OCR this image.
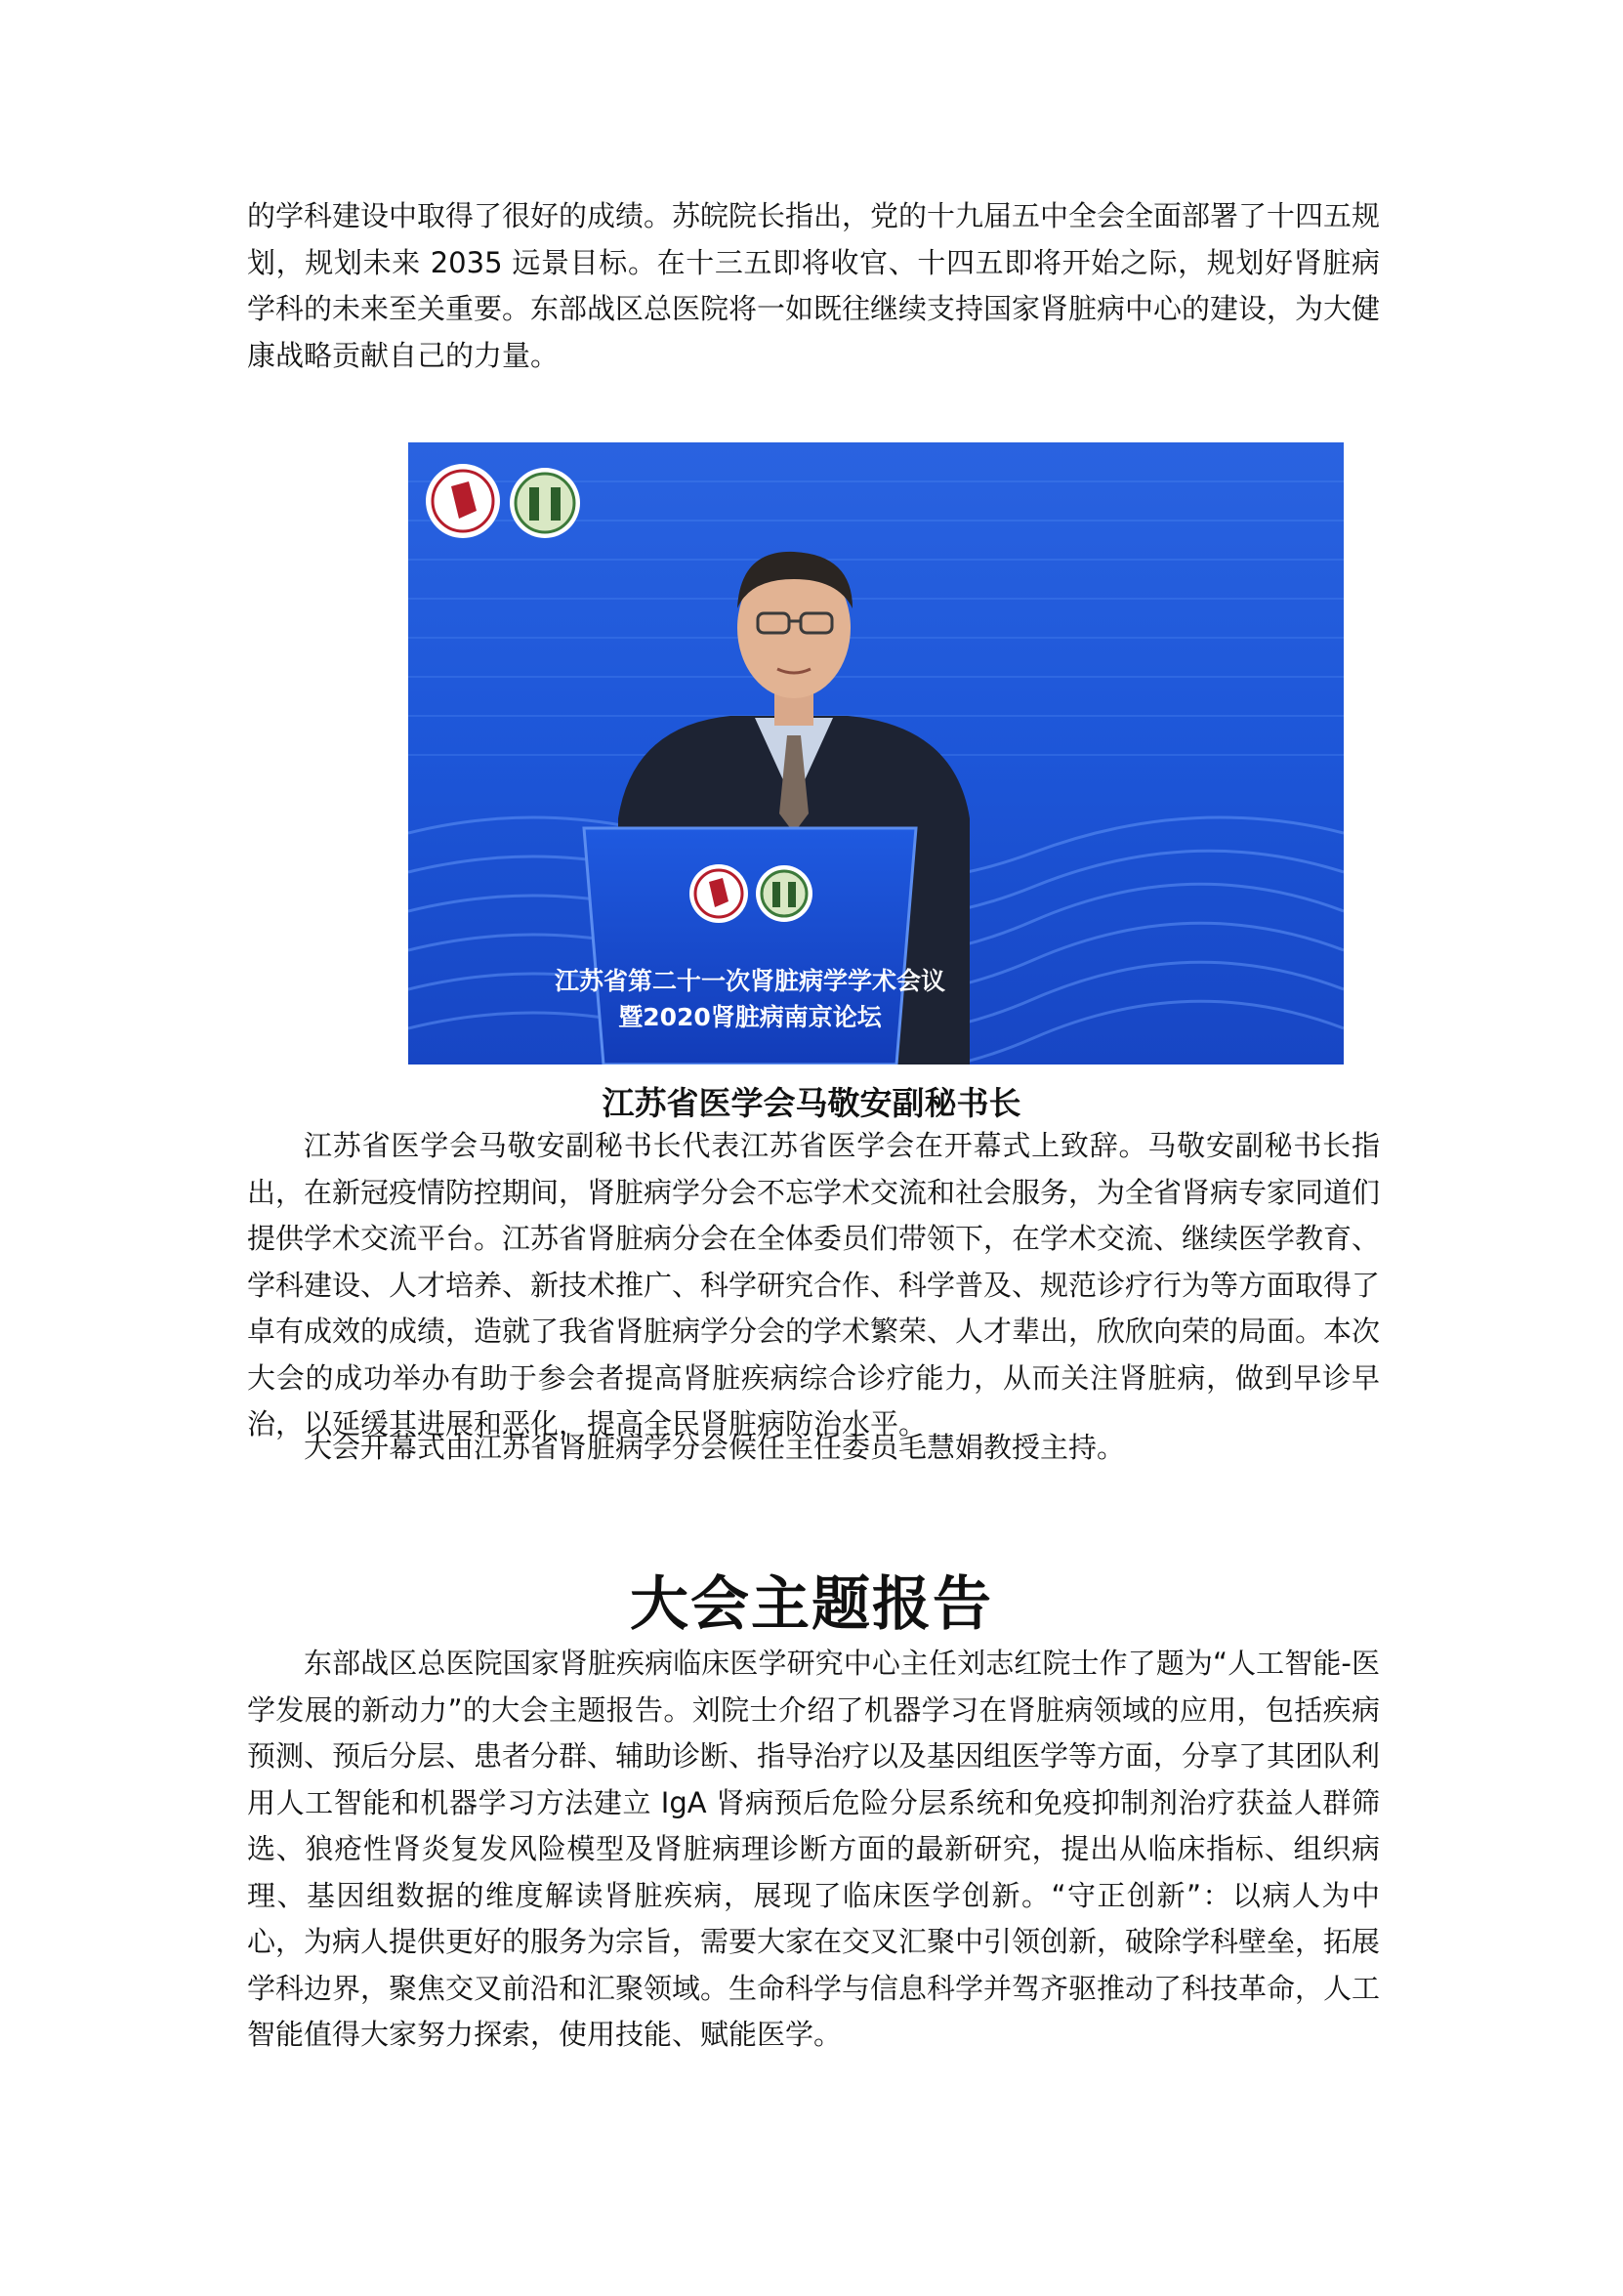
的学科建设中取得了很好的成绩。苏皖院长指出，党的十九届五中全会全面部署了十四五规划，规划未来 2035 远景目标。在十三五即将收官、十四五即将开始之际，规划好肾脏病学科的未来至关重要。东部战区总医院将一如既往继续支持国家肾脏病中心的建设，为大健康战略贡献自己的力量。

江苏省第二十一次肾脏病学学术会议
暨2020肾脏病南京论坛

江苏省医学会马敬安副秘书长

江苏省医学会马敬安副秘书长代表江苏省医学会在开幕式上致辞。马敬安副秘书长指出，在新冠疫情防控期间，肾脏病学分会不忘学术交流和社会服务，为全省肾病专家同道们提供学术交流平台。江苏省肾脏病分会在全体委员们带领下，在学术交流、继续医学教育、学科建设、人才培养、新技术推广、科学研究合作、科学普及、规范诊疗行为等方面取得了卓有成效的成绩，造就了我省肾脏病学分会的学术繁荣、人才辈出，欣欣向荣的局面。本次大会的成功举办有助于参会者提高肾脏疾病综合诊疗能力，从而关注肾脏病，做到早诊早治，以延缓其进展和恶化，提高全民肾脏病防治水平。

大会开幕式由江苏省肾脏病学分会候任主任委员毛慧娟教授主持。

大会主题报告

东部战区总医院国家肾脏疾病临床医学研究中心主任刘志红院士作了题为“人工智能-医学发展的新动力”的大会主题报告。刘院士介绍了机器学习在肾脏病领域的应用，包括疾病预测、预后分层、患者分群、辅助诊断、指导治疗以及基因组医学等方面，分享了其团队利用人工智能和机器学习方法建立 IgA 肾病预后危险分层系统和免疫抑制剂治疗获益人群筛选、狼疮性肾炎复发风险模型及肾脏病理诊断方面的最新研究，提出从临床指标、组织病理、基因组数据的维度解读肾脏疾病，展现了临床医学创新。“守正创新”：以病人为中心，为病人提供更好的服务为宗旨，需要大家在交叉汇聚中引领创新，破除学科壁垒，拓展学科边界，聚焦交叉前沿和汇聚领域。生命科学与信息科学并驾齐驱推动了科技革命，人工智能值得大家努力探索，使用技能、赋能医学。
